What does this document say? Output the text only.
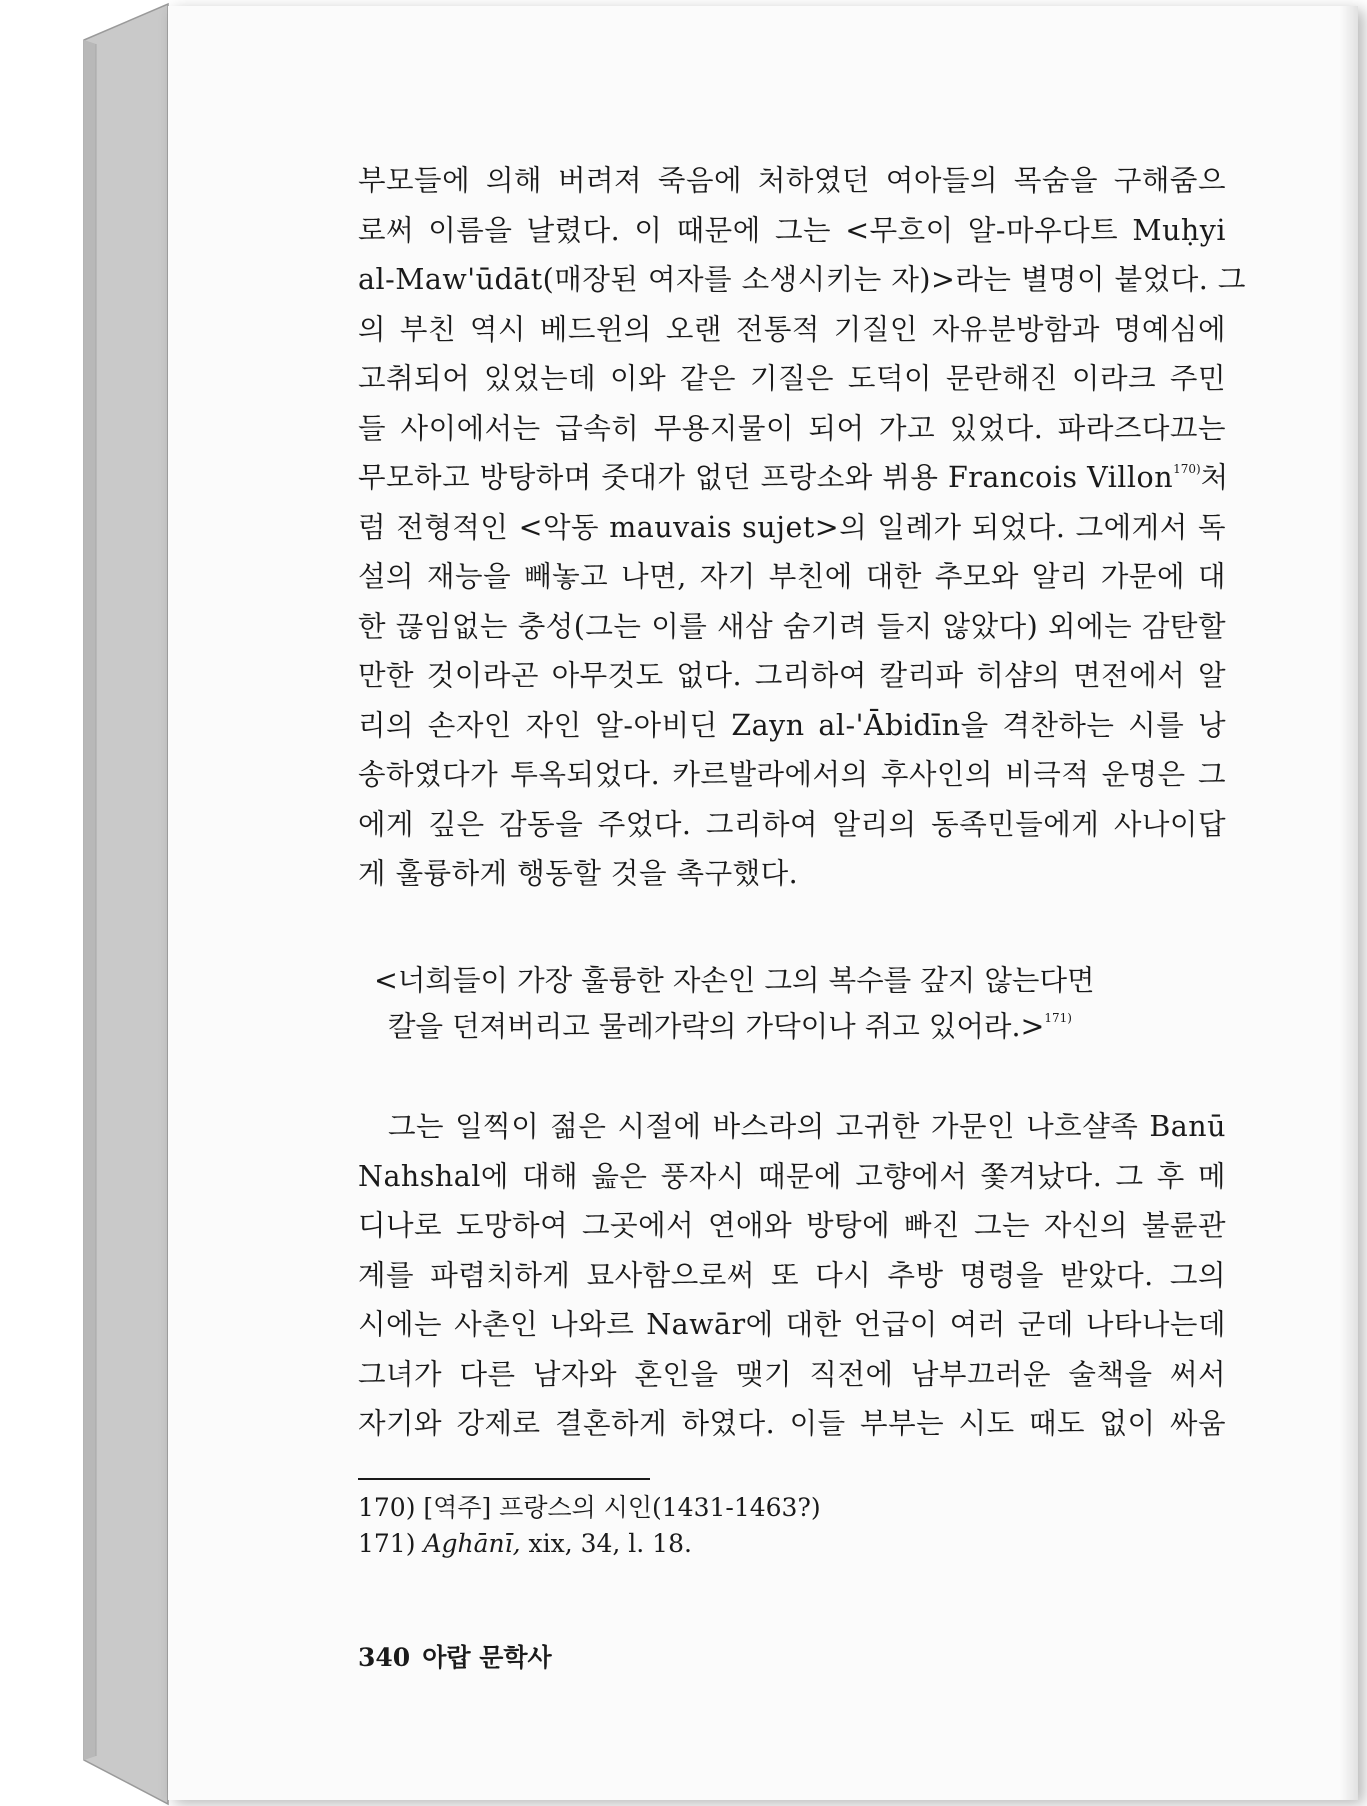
부모들에 의해 버려져 죽음에 처하였던 여아들의 목숨을 구해줌으
로써 이름을 날렸다. 이 때문에 그는 <무흐이 알-마우다트 Muḥyi
al-Maw'ūdāt(매장된 여자를 소생시키는 자)>라는 별명이 붙었다. 그
의 부친 역시 베드윈의 오랜 전통적 기질인 자유분방함과 명예심에
고취되어 있었는데 이와 같은 기질은 도덕이 문란해진 이라크 주민
들 사이에서는 급속히 무용지물이 되어 가고 있었다. 파라즈다끄는
무모하고 방탕하며 줏대가 없던 프랑소와 뷔용 Francois Villon$^{170)}$처
럼 전형적인 <악동 mauvais sujet>의 일례가 되었다. 그에게서 독
설의 재능을 빼놓고 나면, 자기 부친에 대한 추모와 알리 가문에 대
한 끊임없는 충성(그는 이를 새삼 숨기려 들지 않았다) 외에는 감탄할
만한 것이라곤 아무것도 없다. 그리하여 칼리파 히샴의 면전에서 알
리의 손자인 자인 알-아비딘 Zayn al-'Ābidīn을 격찬하는 시를 낭
송하였다가 투옥되었다. 카르발라에서의 후사인의 비극적 운명은 그
에게 깊은 감동을 주었다. 그리하여 알리의 동족민들에게 사나이답
게 훌륭하게 행동할 것을 촉구했다.
<너희들이 가장 훌륭한 자손인 그의 복수를 갚지 않는다면
칼을 던져버리고 물레가락의 가닥이나 쥐고 있어라.>$^{171)}$
그는 일찍이 젊은 시절에 바스라의 고귀한 가문인 나흐샬족 Banū
Nahshal에 대해 읊은 풍자시 때문에 고향에서 쫓겨났다. 그 후 메
디나로 도망하여 그곳에서 연애와 방탕에 빠진 그는 자신의 불륜관
계를 파렴치하게 묘사함으로써 또 다시 추방 명령을 받았다. 그의
시에는 사촌인 나와르 Nawār에 대한 언급이 여러 군데 나타나는데
그녀가 다른 남자와 혼인을 맺기 직전에 남부끄러운 술책을 써서
자기와 강제로 결혼하게 하였다. 이들 부부는 시도 때도 없이 싸움
170) [역주] 프랑스의 시인(1431-1463?)
171) Aghānī, xix, 34, l. 18.
340 아랍 문학사
